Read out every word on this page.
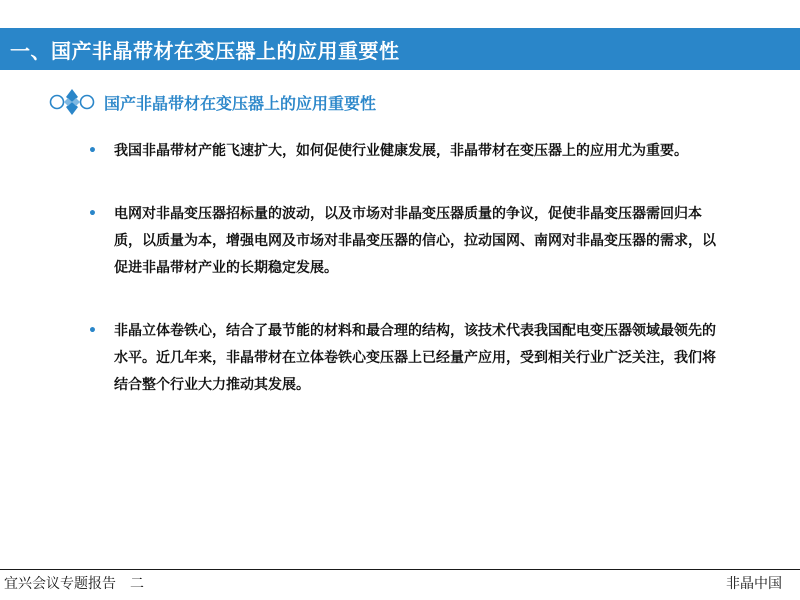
一、国产非晶带材在变压器上的应用重要性
国产非晶带材在变压器上的应用重要性
• 我国非晶带材产能飞速扩大，如何促使行业健康发展，非晶带材在变压器上的应用尤为重要。
• 电网对非晶变压器招标量的波动，以及市场对非晶变压器质量的争议，促使非晶变压器需回归本质，以质量为本，增强电网及市场对非晶变压器的信心，拉动国网、南网对非晶变压器的需求，以促进非晶带材产业的长期稳定发展。
• 非晶立体卷铁心，结合了最节能的材料和最合理的结构，该技术代表我国配电变压器领域最领先的水平。近几年来，非晶带材在立体卷铁心变压器上已经量产应用，受到相关行业广泛关注，我们将结合整个行业大力推动其发展。
宜兴会议专题报告　二	非晶中国
